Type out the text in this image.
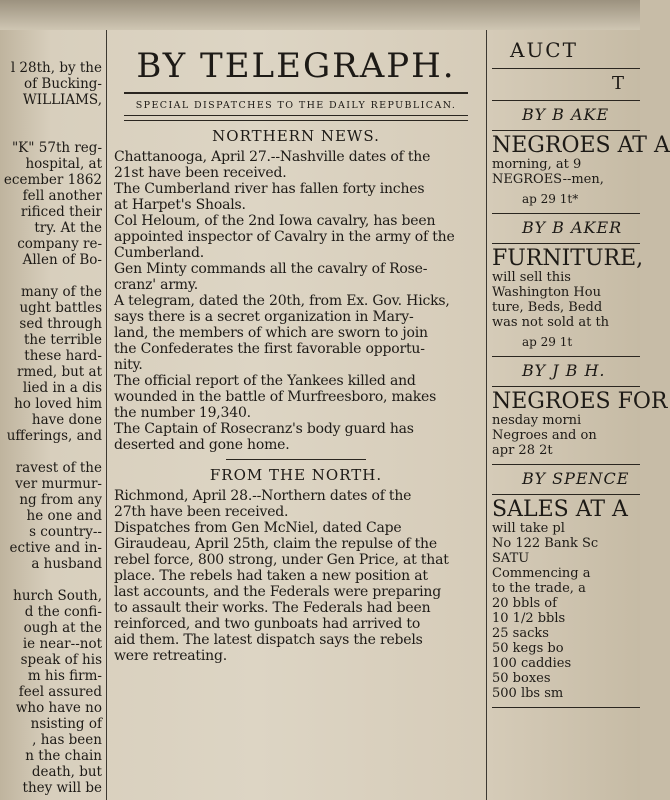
l 28th, by the
of Bucking-
WILLIAMS,

"K" 57th reg-
hospital, at
ecember 1862
fell another
rificed their
try. At the
company re-
Allen of Bo-

many of the
ught battles
sed through
the terrible
these hard-
rmed, but at
lied in a dis
ho loved him
have done
ufferings, and

ravest of the
ver murmur-
ng from any
he one and
s country--
ective and in-
a husband

hurch South,
d the confi-
ough at the
ie near--not
speak of his
m his firm-
feel assured
who have no
nsisting of
, has been
n the chain
death, but
they will be
BY TELEGRAPH.
SPECIAL DISPATCHES TO THE DAILY REPUBLICAN.
NORTHERN NEWS.
Chattanooga, April 27.--Nashville dates of the
21st have been received.
The Cumberland river has fallen forty inches
at Harpet's Shoals.
Col Heloum, of the 2nd Iowa cavalry, has been
appointed inspector of Cavalry in the army of the
Cumberland.
Gen Minty commands all the cavalry of Rose-
cranz' army.
A telegram, dated the 20th, from Ex. Gov. Hicks,
says there is a secret organization in Mary-
land, the members of which are sworn to join
the Confederates the first favorable opportu-
nity.
The official report of the Yankees killed and
wounded in the battle of Murfreesboro, makes
the number 19,340.
The Captain of Rosecranz's body guard has
deserted and gone home.
FROM THE NORTH.
Richmond, April 28.--Northern dates of the
27th have been received.
Dispatches from Gen McNiel, dated Cape
Giraudeau, April 25th, claim the repulse of the
rebel force, 800 strong, under Gen Price, at that
place. The rebels had taken a new position at
last accounts, and the Federals were preparing
to assault their works. The Federals had been
reinforced, and two gunboats had arrived to
aid them. The latest dispatch says the rebels
were retreating.
AUCT
T
BY B AKE
NEGROES AT A
morning, at 9
NEGROES--men,
ap 29 1t*
BY B AKER
FURNITURE,
will sell this
Washington Hou
ture, Beds, Bedd
was not sold at th
ap 29 1t
BY J B H.
NEGROES FOR
nesday morni
Negroes and on
apr 28 2t
BY SPENCE
SALES AT A
will take pl
No 122 Bank Sc
SATU
Commencing a
to the trade, a
20 bbls of
10 1/2 bbls
25 sacks
50 kegs bo
100 caddies
50 boxes
500 lbs sm
